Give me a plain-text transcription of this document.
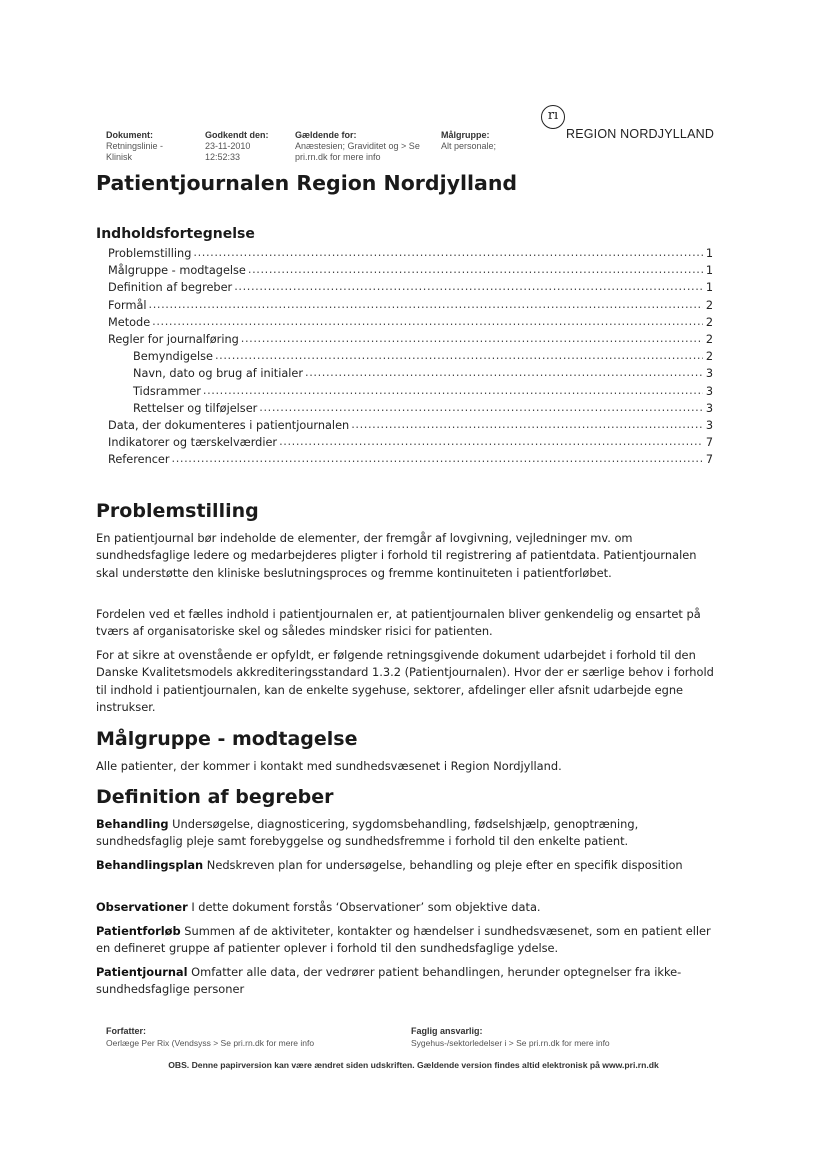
Dokument:
Retningslinie -
Klinisk
Godkendt den:
23-11-2010
12:52:33
Gældende for:
Anæstesien; Graviditet og > Se
pri.rn.dk for mere info
Målgruppe:
Alt personale;
rı
REGION NORDJYLLAND
Patientjournalen Region Nordjylland
Indholdsfortegnelse
Problemstilling .....	1
Målgruppe - modtagelse .....	1
Definition af begreber .....	1
Formål .....	2
Metode .....	2
Regler for journalføring .....	2
Bemyndigelse .....	2
Navn, dato og brug af initialer .....	3
Tidsrammer .....	3
Rettelser og tilføjelser .....	3
Data, der dokumenteres i patientjournalen .....	3
Indikatorer og tærskelværdier .....	7
Referencer .....	7
Problemstilling

En patientjournal bør indeholde de elementer, der fremgår af lovgivning, vejledninger mv. om sundhedsfaglige ledere og medarbejderes pligter i forhold til registrering af patientdata. Patientjournalen skal understøtte den kliniske beslutningsproces og fremme kontinuiteten i patientforløbet.

Fordelen ved et fælles indhold i patientjournalen er, at patientjournalen bliver genkendelig og ensartet på tværs af organisatoriske skel og således mindsker risici for patienten.

For at sikre at ovenstående er opfyldt, er følgende retningsgivende dokument udarbejdet i forhold til den Danske Kvalitetsmodels akkrediteringsstandard 1.3.2 (Patientjournalen). Hvor der er særlige behov i forhold til indhold i patientjournalen, kan de enkelte sygehuse, sektorer, afdelinger eller afsnit udarbejde egne instrukser.

Målgruppe - modtagelse

Alle patienter, der kommer i kontakt med sundhedsvæsenet i Region Nordjylland.

Definition af begreber

Behandling Undersøgelse, diagnosticering, sygdomsbehandling, fødselshjælp, genoptræning, sundhedsfaglig pleje samt forebyggelse og sundhedsfremme i forhold til den enkelte patient.

Behandlingsplan Nedskreven plan for undersøgelse, behandling og pleje efter en specifik disposition

Observationer I dette dokument forstås ‘Observationer’ som objektive data.

Patientforløb Summen af de aktiviteter, kontakter og hændelser i sundhedsvæsenet, som en patient eller en defineret gruppe af patienter oplever i forhold til den sundhedsfaglige ydelse.

Patientjournal Omfatter alle data, der vedrører patient behandlingen, herunder optegnelser fra ikke-sundhedsfaglige personer

Forfatter:
Oerlæge Per Rix (Vendsyss > Se pri.rn.dk for mere info
Faglig ansvarlig:
Sygehus-/sektorledelser i > Se pri.rn.dk for mere info
OBS. Denne papirversion kan være ændret siden udskriften. Gældende version findes altid elektronisk på www.pri.rn.dk
